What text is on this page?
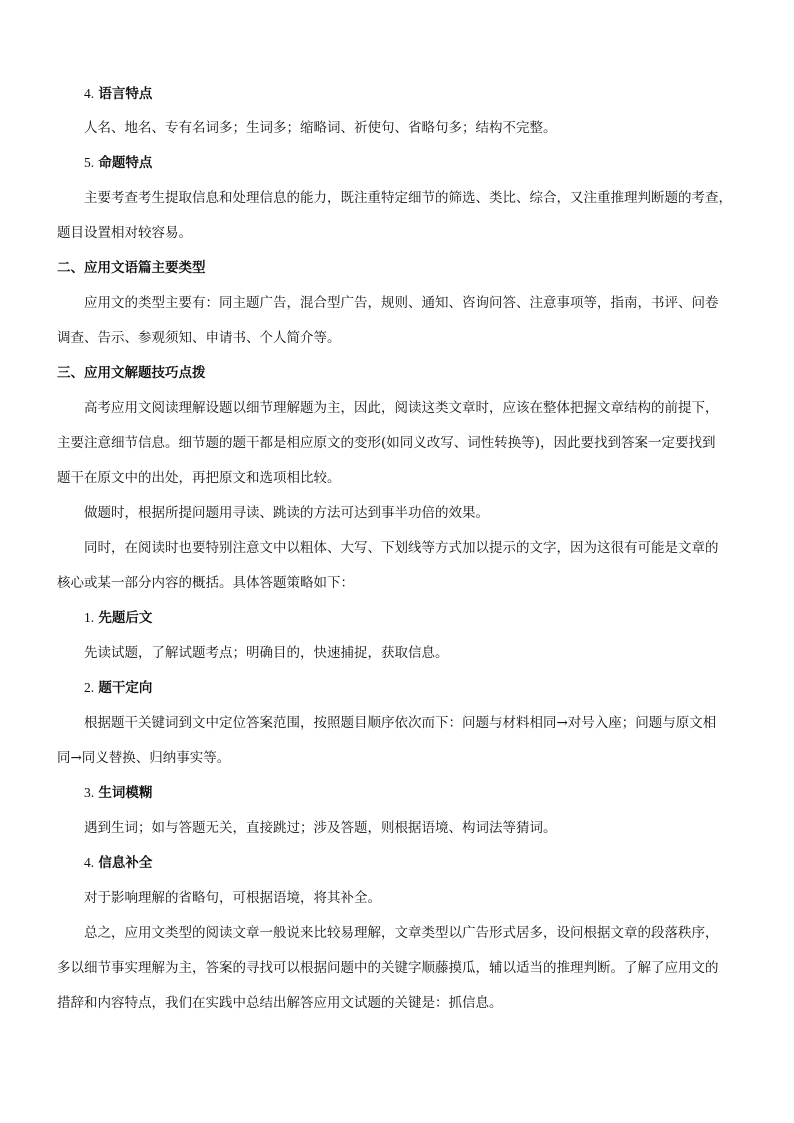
4. 语言特点
人名、地名、专有名词多；生词多；缩略词、祈使句、省略句多；结构不完整。
5. 命题特点
主要考查考生提取信息和处理信息的能力，既注重特定细节的筛选、类比、综合，又注重推理判断题的考查，
题目设置相对较容易。
二、应用文语篇主要类型
应用文的类型主要有：同主题广告，混合型广告，规则、通知、咨询问答、注意事项等，指南，书评、问卷
调查、告示、参观须知、申请书、个人简介等。
三、应用文解题技巧点拨
高考应用文阅读理解设题以细节理解题为主，因此，阅读这类文章时，应该在整体把握文章结构的前提下，
主要注意细节信息。细节题的题干都是相应原文的变形(如同义改写、词性转换等)，因此要找到答案一定要找到
题干在原文中的出处，再把原文和选项相比较。
做题时，根据所提问题用寻读、跳读的方法可达到事半功倍的效果。
同时，在阅读时也要特别注意文中以粗体、大写、下划线等方式加以提示的文字，因为这很有可能是文章的
核心或某一部分内容的概括。具体答题策略如下：
1. 先题后文
先读试题，了解试题考点；明确目的，快速捕捉，获取信息。
2. 题干定向
根据题干关键词到文中定位答案范围，按照题目顺序依次而下：问题与材料相同→对号入座；问题与原文相
同→同义替换、归纳事实等。
3. 生词模糊
遇到生词；如与答题无关，直接跳过；涉及答题，则根据语境、构词法等猜词。
4. 信息补全
对于影响理解的省略句，可根据语境，将其补全。
总之，应用文类型的阅读文章一般说来比较易理解，文章类型以广告形式居多，设问根据文章的段落秩序，
多以细节事实理解为主，答案的寻找可以根据问题中的关键字顺藤摸瓜，辅以适当的推理判断。了解了应用文的
措辞和内容特点，我们在实践中总结出解答应用文试题的关键是：抓信息。
